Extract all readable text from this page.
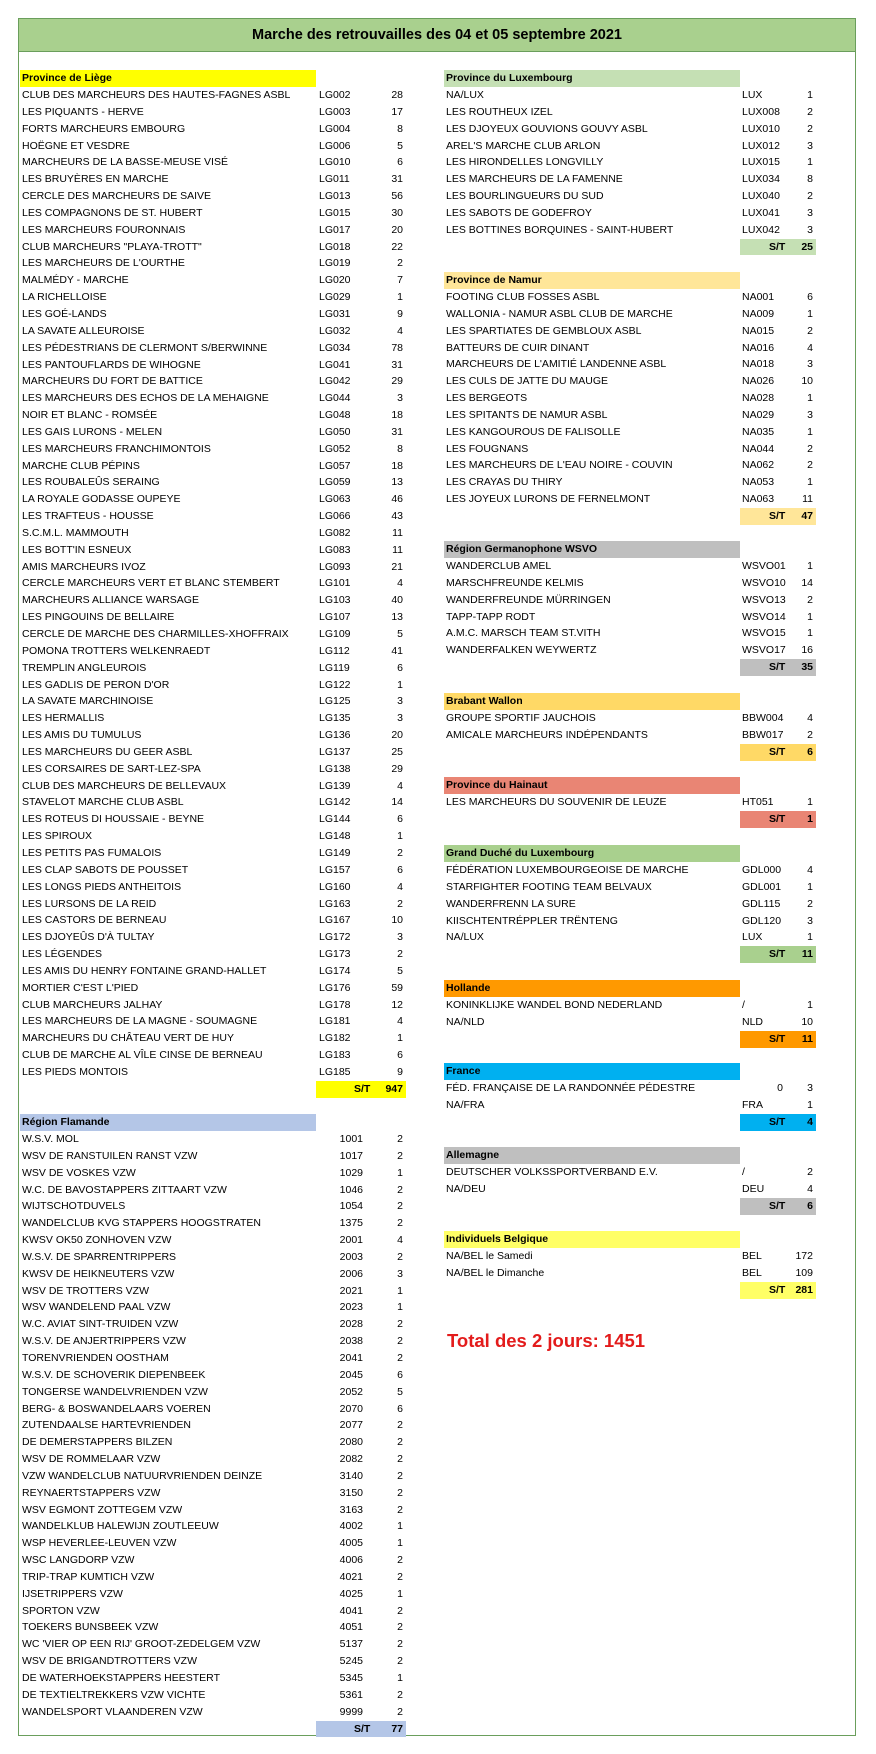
Marche des retrouvailles des 04 et 05 septembre 2021
Province de Liège
CLUB DES MARCHEURS DES HAUTES-FAGNES ASBL	LG002	28
LES PIQUANTS - HERVE	LG003	17
FORTS MARCHEURS EMBOURG	LG004	8
HOËGNE ET VESDRE	LG006	5
MARCHEURS DE LA BASSE-MEUSE VISÉ	LG010	6
LES BRUYÈRES EN MARCHE	LG011	31
CERCLE DES MARCHEURS DE SAIVE	LG013	56
LES COMPAGNONS DE ST. HUBERT	LG015	30
LES MARCHEURS FOURONNAIS	LG017	20
CLUB MARCHEURS "PLAYA-TROTT"	LG018	22
LES MARCHEURS DE L'OURTHE	LG019	2
MALMÉDY - MARCHE	LG020	7
LA RICHELLOISE	LG029	1
LES GOÉ-LANDS	LG031	9
LA SAVATE ALLEUROISE	LG032	4
LES PÉDESTRIANS DE CLERMONT S/BERWINNE	LG034	78
LES PANTOUFLARDS DE WIHOGNE	LG041	31
MARCHEURS DU FORT DE BATTICE	LG042	29
LES MARCHEURS DES ECHOS DE LA MEHAIGNE	LG044	3
NOIR ET BLANC - ROMSÉE	LG048	18
LES GAIS LURONS - MELEN	LG050	31
LES MARCHEURS FRANCHIMONTOIS	LG052	8
MARCHE CLUB PÉPINS	LG057	18
LES ROUBALEÛS SERAING	LG059	13
LA ROYALE GODASSE OUPEYE	LG063	46
LES TRAFTEUS - HOUSSE	LG066	43
S.C.M.L. MAMMOUTH	LG082	11
LES BOTT'IN ESNEUX	LG083	11
AMIS MARCHEURS IVOZ	LG093	21
CERCLE MARCHEURS VERT ET BLANC STEMBERT	LG101	4
MARCHEURS ALLIANCE WARSAGE	LG103	40
LES PINGOUINS DE BELLAIRE	LG107	13
CERCLE DE MARCHE DES CHARMILLES-XHOFFRAIX	LG109	5
POMONA TROTTERS WELKENRAEDT	LG112	41
TREMPLIN ANGLEUROIS	LG119	6
LES GADLIS DE PERON D'OR	LG122	1
LA SAVATE MARCHINOISE	LG125	3
LES HERMALLIS	LG135	3
LES AMIS DU TUMULUS	LG136	20
LES MARCHEURS DU GEER ASBL	LG137	25
LES CORSAIRES DE SART-LEZ-SPA	LG138	29
CLUB DES MARCHEURS DE BELLEVAUX	LG139	4
STAVELOT MARCHE CLUB ASBL	LG142	14
LES ROTEUS DI HOUSSAIE - BEYNE	LG144	6
LES SPIROUX	LG148	1
LES PETITS PAS FUMALOIS	LG149	2
LES CLAP SABOTS DE POUSSET	LG157	6
LES LONGS PIEDS ANTHEITOIS	LG160	4
LES LURSONS DE LA REID	LG163	2
LES CASTORS DE BERNEAU	LG167	10
LES DJOYEÛS D'À TULTAY	LG172	3
LES LÉGENDES	LG173	2
LES AMIS DU HENRY FONTAINE GRAND-HALLET	LG174	5
MORTIER C'EST L'PIED	LG176	59
CLUB MARCHEURS JALHAY	LG178	12
LES MARCHEURS DE LA MAGNE - SOUMAGNE	LG181	4
MARCHEURS DU CHÂTEAU VERT DE HUY	LG182	1
CLUB DE MARCHE AL VÎLE CINSE DE BERNEAU	LG183	6
LES PIEDS MONTOIS	LG185	9
S/T 947
Région Flamande
W.S.V. MOL	1001	2
WSV DE RANSTUILEN RANST VZW	1017	2
WSV DE VOSKES VZW	1029	1
W.C. DE BAVOSTAPPERS ZITTAART VZW	1046	2
WIJTSCHOTDUVELS	1054	2
WANDELCLUB KVG STAPPERS HOOGSTRATEN	1375	2
KWSV OK50 ZONHOVEN VZW	2001	4
W.S.V. DE SPARRENTRIPPERS	2003	2
KWSV DE HEIKNEUTERS VZW	2006	3
WSV DE TROTTERS VZW	2021	1
WSV WANDELEND PAAL VZW	2023	1
W.C. AVIAT SINT-TRUIDEN VZW	2028	2
W.S.V. DE ANJERTRIPPERS VZW	2038	2
TORENVRIENDEN OOSTHAM	2041	2
W.S.V. DE SCHOVERIK DIEPENBEEK	2045	6
TONGERSE WANDELVRIENDEN VZW	2052	5
BERG- & BOSWANDELAARS VOEREN	2070	6
ZUTENDAALSE HARTEVRIENDEN	2077	2
DE DEMERSTAPPERS BILZEN	2080	2
WSV DE ROMMELAAR VZW	2082	2
VZW WANDELCLUB NATUURVRIENDEN DEINZE	3140	2
REYNAERTSTAPPERS VZW	3150	2
WSV EGMONT ZOTTEGEM VZW	3163	2
WANDELKLUB HALEWIJN ZOUTLEEUW	4002	1
WSP HEVERLEE-LEUVEN VZW	4005	1
WSC LANGDORP VZW	4006	2
TRIP-TRAP KUMTICH VZW	4021	2
IJSETRIPPERS VZW	4025	1
SPORTON VZW	4041	2
TOEKERS BUNSBEEK VZW	4051	2
WC 'VIER OP EEN RIJ' GROOT-ZEDELGEM VZW	5137	2
WSV DE BRIGANDTROTTERS VZW	5245	2
DE WATERHOEKSTAPPERS HEESTERT	5345	1
DE TEXTIELTREKKERS VZW VICHTE	5361	2
WANDELSPORT VLAANDEREN VZW	9999	2
S/T 77
Province du Luxembourg
NA/LUX	LUX	1
LES ROUTHEUX IZEL	LUX008	2
LES DJOYEUX GOUVIONS GOUVY ASBL	LUX010	2
AREL'S MARCHE CLUB ARLON	LUX012	3
LES HIRONDELLES LONGVILLY	LUX015	1
LES MARCHEURS DE LA FAMENNE	LUX034	8
LES BOURLINGUEURS DU SUD	LUX040	2
LES SABOTS DE GODEFROY	LUX041	3
LES BOTTINES BORQUINES - SAINT-HUBERT	LUX042	3
S/T 25
Province de Namur
FOOTING CLUB FOSSES ASBL	NA001	6
WALLONIA - NAMUR ASBL CLUB DE MARCHE	NA009	1
LES SPARTIATES DE GEMBLOUX ASBL	NA015	2
BATTEURS DE CUIR DINANT	NA016	4
MARCHEURS DE L'AMITIÉ LANDENNE ASBL	NA018	3
LES CULS DE JATTE DU MAUGE	NA026	10
LES BERGEOTS	NA028	1
LES SPITANTS DE NAMUR ASBL	NA029	3
LES KANGOUROUS DE FALISOLLE	NA035	1
LES FOUGNANS	NA044	2
LES MARCHEURS DE L'EAU NOIRE - COUVIN	NA062	2
LES CRAYAS DU THIRY	NA053	1
LES JOYEUX LURONS DE FERNELMONT	NA063	11
S/T 47
Région Germanophone WSVO
WANDERCLUB AMEL	WSVO01 1
MARSCHFREUNDE KELMIS	WSVO10 14
WANDERFREUNDE MÜRRINGEN	WSVO13 2
TAPP-TAPP RODT	WSVO14 1
A.M.C. MARSCH TEAM ST.VITH	WSVO15 1
WANDERFALKEN WEYWERTZ	WSVO17 16
S/T 35
Brabant Wallon
GROUPE SPORTIF JAUCHOIS	BBW004 4
AMICALE MARCHEURS INDÉPENDANTS	BBW017 2
S/T 6
Province du Hainaut
LES MARCHEURS DU SOUVENIR DE LEUZE	HT051	1
S/T 1
Grand Duché du Luxembourg
FÉDÉRATION LUXEMBOURGEOISE DE MARCHE	GDL000 4
STARFIGHTER FOOTING TEAM BELVAUX	GDL001 1
WANDERFRENN LA SURE	GDL115	2
KIISCHTENTRÉPPLER TRËNTENG	GDL120 3
NA/LUX	LUX	1
S/T 11
Hollande
KONINKLIJKE WANDEL BOND NEDERLAND	/	1
NA/NLD	NLD	10
S/T 11
France
FÉD. FRANÇAISE DE LA RANDONNÉE PÉDESTRE	0 3
NA/FRA	FRA	1
S/T 4
Allemagne
DEUTSCHER VOLKSSPORTVERBAND E.V.	/	2
NA/DEU	DEU	4
S/T 6
Individuels Belgique
NA/BEL le Samedi	BEL	172
NA/BEL le Dimanche	BEL	109
S/T 281
Total des 2 jours: 1451
